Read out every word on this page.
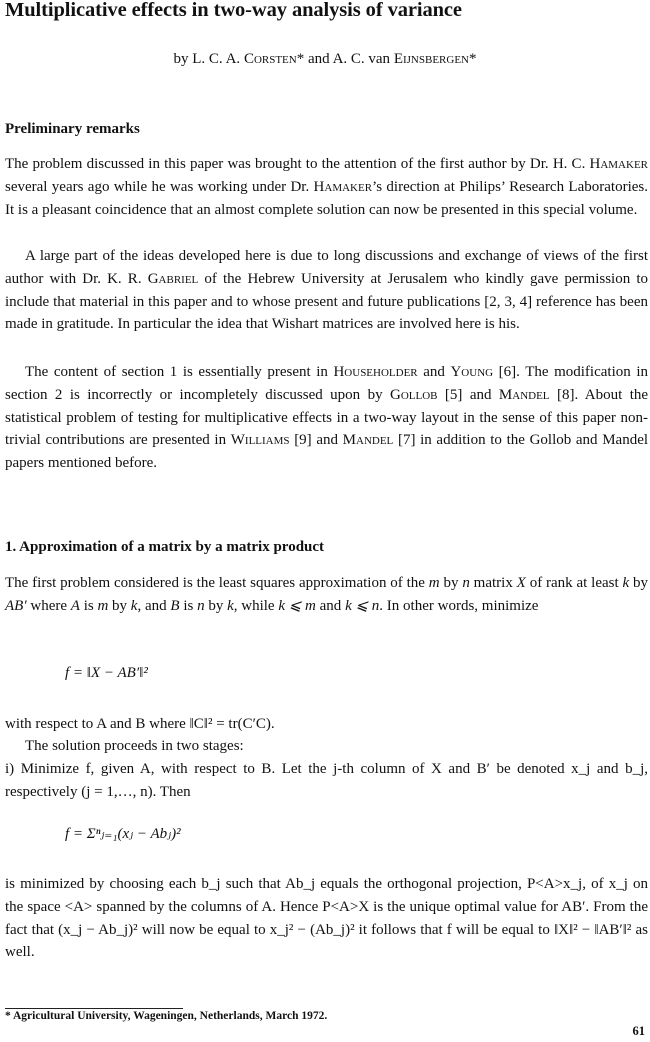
Multiplicative effects in two-way analysis of variance
by L. C. A. Corsten* and A. C. van Eijnsbergen*
Preliminary remarks

The problem discussed in this paper was brought to the attention of the first author by Dr. H. C. Hamaker several years ago while he was working under Dr. Hamaker’s direction at Philips’ Research Laboratories. It is a pleasant coincidence that an almost complete solution can now be presented in this special volume.

A large part of the ideas developed here is due to long discussions and exchange of views of the first author with Dr. K. R. Gabriel of the Hebrew University at Jerusalem who kindly gave permission to include that material in this paper and to whose present and future publications [2, 3, 4] reference has been made in gratitude. In particular the idea that Wishart matrices are involved here is his.

The content of section 1 is essentially present in Householder and Young [6]. The modification in section 2 is incorrectly or incompletely discussed upon by Gollob [5] and Mandel [8]. About the statistical problem of testing for multiplicative effects in a two-way layout in the sense of this paper non-trivial contributions are presented in Williams [9] and Mandel [7] in addition to the Gollob and Mandel papers mentioned before.

1. Approximation of a matrix by a matrix product

The first problem considered is the least squares approximation of the m by n matrix X of rank at least k by AB′ where A is m by k, and B is n by k, while k ⩽ m and k ⩽ n. In other words, minimize

f = ‖X − AB′‖²

with respect to A and B where ‖C‖² = tr(C′C).

The solution proceeds in two stages:

i) Minimize f, given A, with respect to B. Let the j-th column of X and B′ be denoted x_j and b_j, respectively (j = 1,…, n). Then

f = Σⁿⱼ₌₁(xⱼ − Abⱼ)²

is minimized by choosing each b_j such that Ab_j equals the orthogonal projection, P<A>x_j, of x_j on the space <A> spanned by the columns of A. Hence P<A>X is the unique optimal value for AB′. From the fact that (x_j − Ab_j)² will now be equal to x_j² − (Ab_j)² it follows that f will be equal to ‖X‖² − ‖AB′‖² as well.

* Agricultural University, Wageningen, Netherlands, March 1972.
61
